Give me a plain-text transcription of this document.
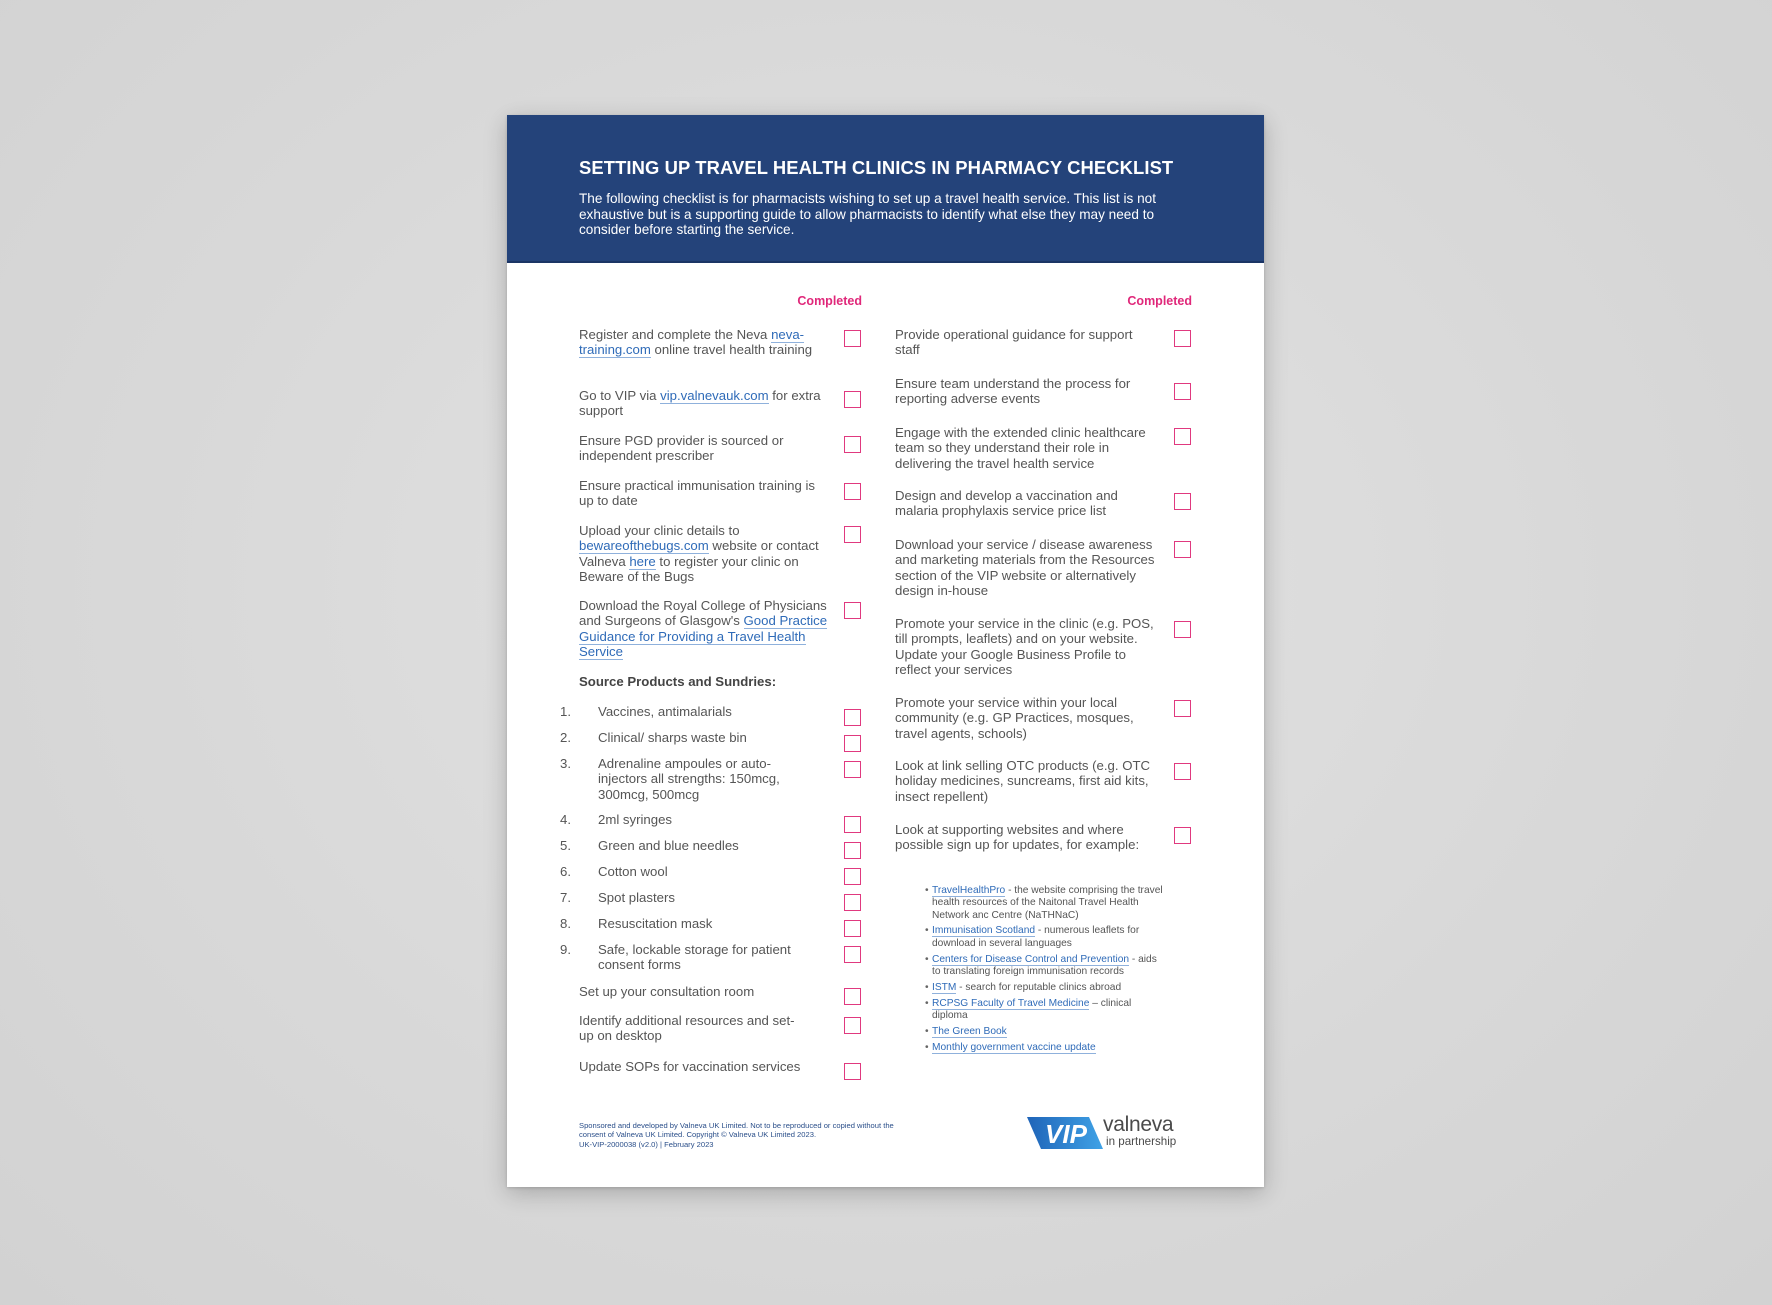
SETTING UP TRAVEL HEALTH CLINICS IN PHARMACY CHECKLIST
The following checklist is for pharmacists wishing to set up a travel health service. This list is not exhaustive but is a supporting guide to allow pharmacists to identify what else they may need to consider before starting the service.
Completed	Completed
Register and complete the Neva neva-training.com online travel health training
Go to VIP via vip.valnevauk.com for extra support
Ensure PGD provider is sourced or independent prescriber
Ensure practical immunisation training is up to date
Upload your clinic details to bewareofthebugs.com website or contact Valneva here to register your clinic on Beware of the Bugs
Download the Royal College of Physicians and Surgeons of Glasgow's Good Practice Guidance for Providing a Travel Health Service
Source Products and Sundries:
1. Vaccines, antimalarials
2. Clinical/ sharps waste bin
3. Adrenaline ampoules or auto-injectors all strengths: 150mcg, 300mcg, 500mcg
4. 2ml syringes
5. Green and blue needles
6. Cotton wool
7. Spot plasters
8. Resuscitation mask
9. Safe, lockable storage for patient consent forms
Set up your consultation room
Identify additional resources and set-up on desktop
Update SOPs for vaccination services
Provide operational guidance for support staff
Ensure team understand the process for reporting adverse events
Engage with the extended clinic healthcare team so they understand their role in delivering the travel health service
Design and develop a vaccination and malaria prophylaxis service price list
Download your service / disease awareness and marketing materials from the Resources section of the VIP website or alternatively design in-house
Promote your service in the clinic (e.g. POS, till prompts, leaflets) and on your website. Update your Google Business Profile to reflect your services
Promote your service within your local community (e.g. GP Practices, mosques, travel agents, schools)
Look at link selling OTC products (e.g. OTC holiday medicines, suncreams, first aid kits, insect repellent)
Look at supporting websites and where possible sign up for updates, for example:
• TravelHealthPro - the website comprising the travel health resources of the Naitonal Travel Health Network anc Centre (NaTHNaC)
• Immunisation Scotland - numerous leaflets for download in several languages
• Centers for Disease Control and Prevention - aids to translating foreign immunisation records
• ISTM - search for reputable clinics abroad
• RCPSG Faculty of Travel Medicine – clinical diploma
• The Green Book
• Monthly government vaccine update
Sponsored and developed by Valneva UK Limited. Not to be reproduced or copied without the consent of Valneva UK Limited. Copyright © Valneva UK Limited 2023.
UK-VIP-2000038 (v2.0) | February 2023	VIP valneva
in partnership
